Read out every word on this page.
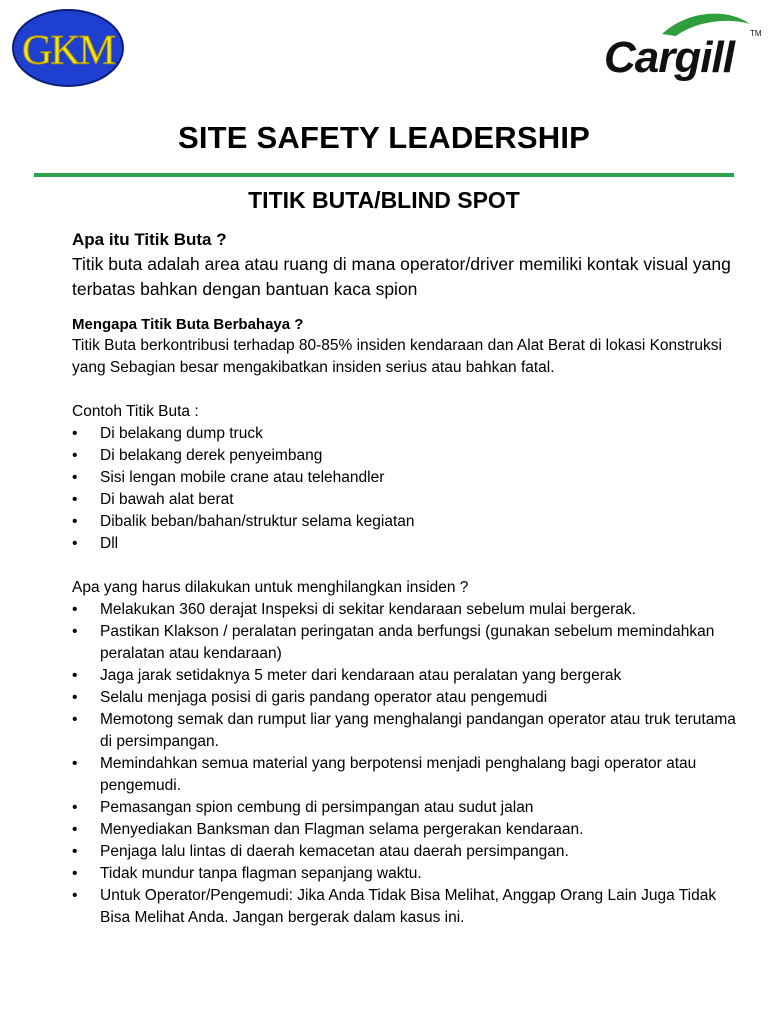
GKM	Cargill TM
SITE SAFETY LEADERSHIP
TITIK BUTA/BLIND SPOT
Apa itu Titik Buta ?
Titik buta adalah area atau ruang di mana operator/driver memiliki kontak visual yang terbatas bahkan dengan bantuan kaca spion
Mengapa Titik Buta Berbahaya ?
Titik Buta berkontribusi terhadap 80-85% insiden kendaraan dan Alat Berat di lokasi Konstruksi yang Sebagian besar mengakibatkan insiden serius atau bahkan fatal.
Contoh Titik Buta :
• Di belakang dump truck
• Di belakang derek penyeimbang
• Sisi lengan mobile crane atau telehandler
• Di bawah alat berat
• Dibalik beban/bahan/struktur selama kegiatan
• Dll
Apa yang harus dilakukan untuk menghilangkan insiden ?
• Melakukan 360 derajat Inspeksi di sekitar kendaraan sebelum mulai bergerak.
• Pastikan Klakson / peralatan peringatan anda berfungsi (gunakan sebelum memindahkan peralatan atau kendaraan)
• Jaga jarak setidaknya 5 meter dari kendaraan atau peralatan yang bergerak
• Selalu menjaga posisi di garis pandang operator atau pengemudi
• Memotong semak dan rumput liar yang menghalangi pandangan operator atau truk terutama di persimpangan.
• Memindahkan semua material yang berpotensi menjadi penghalang bagi operator atau pengemudi.
• Pemasangan spion cembung di persimpangan atau sudut jalan
• Menyediakan Banksman dan Flagman selama pergerakan kendaraan.
• Penjaga lalu lintas di daerah kemacetan atau daerah persimpangan.
• Tidak mundur tanpa flagman sepanjang waktu.
• Untuk Operator/Pengemudi: Jika Anda Tidak Bisa Melihat, Anggap Orang Lain Juga Tidak Bisa Melihat Anda. Jangan bergerak dalam kasus ini.
